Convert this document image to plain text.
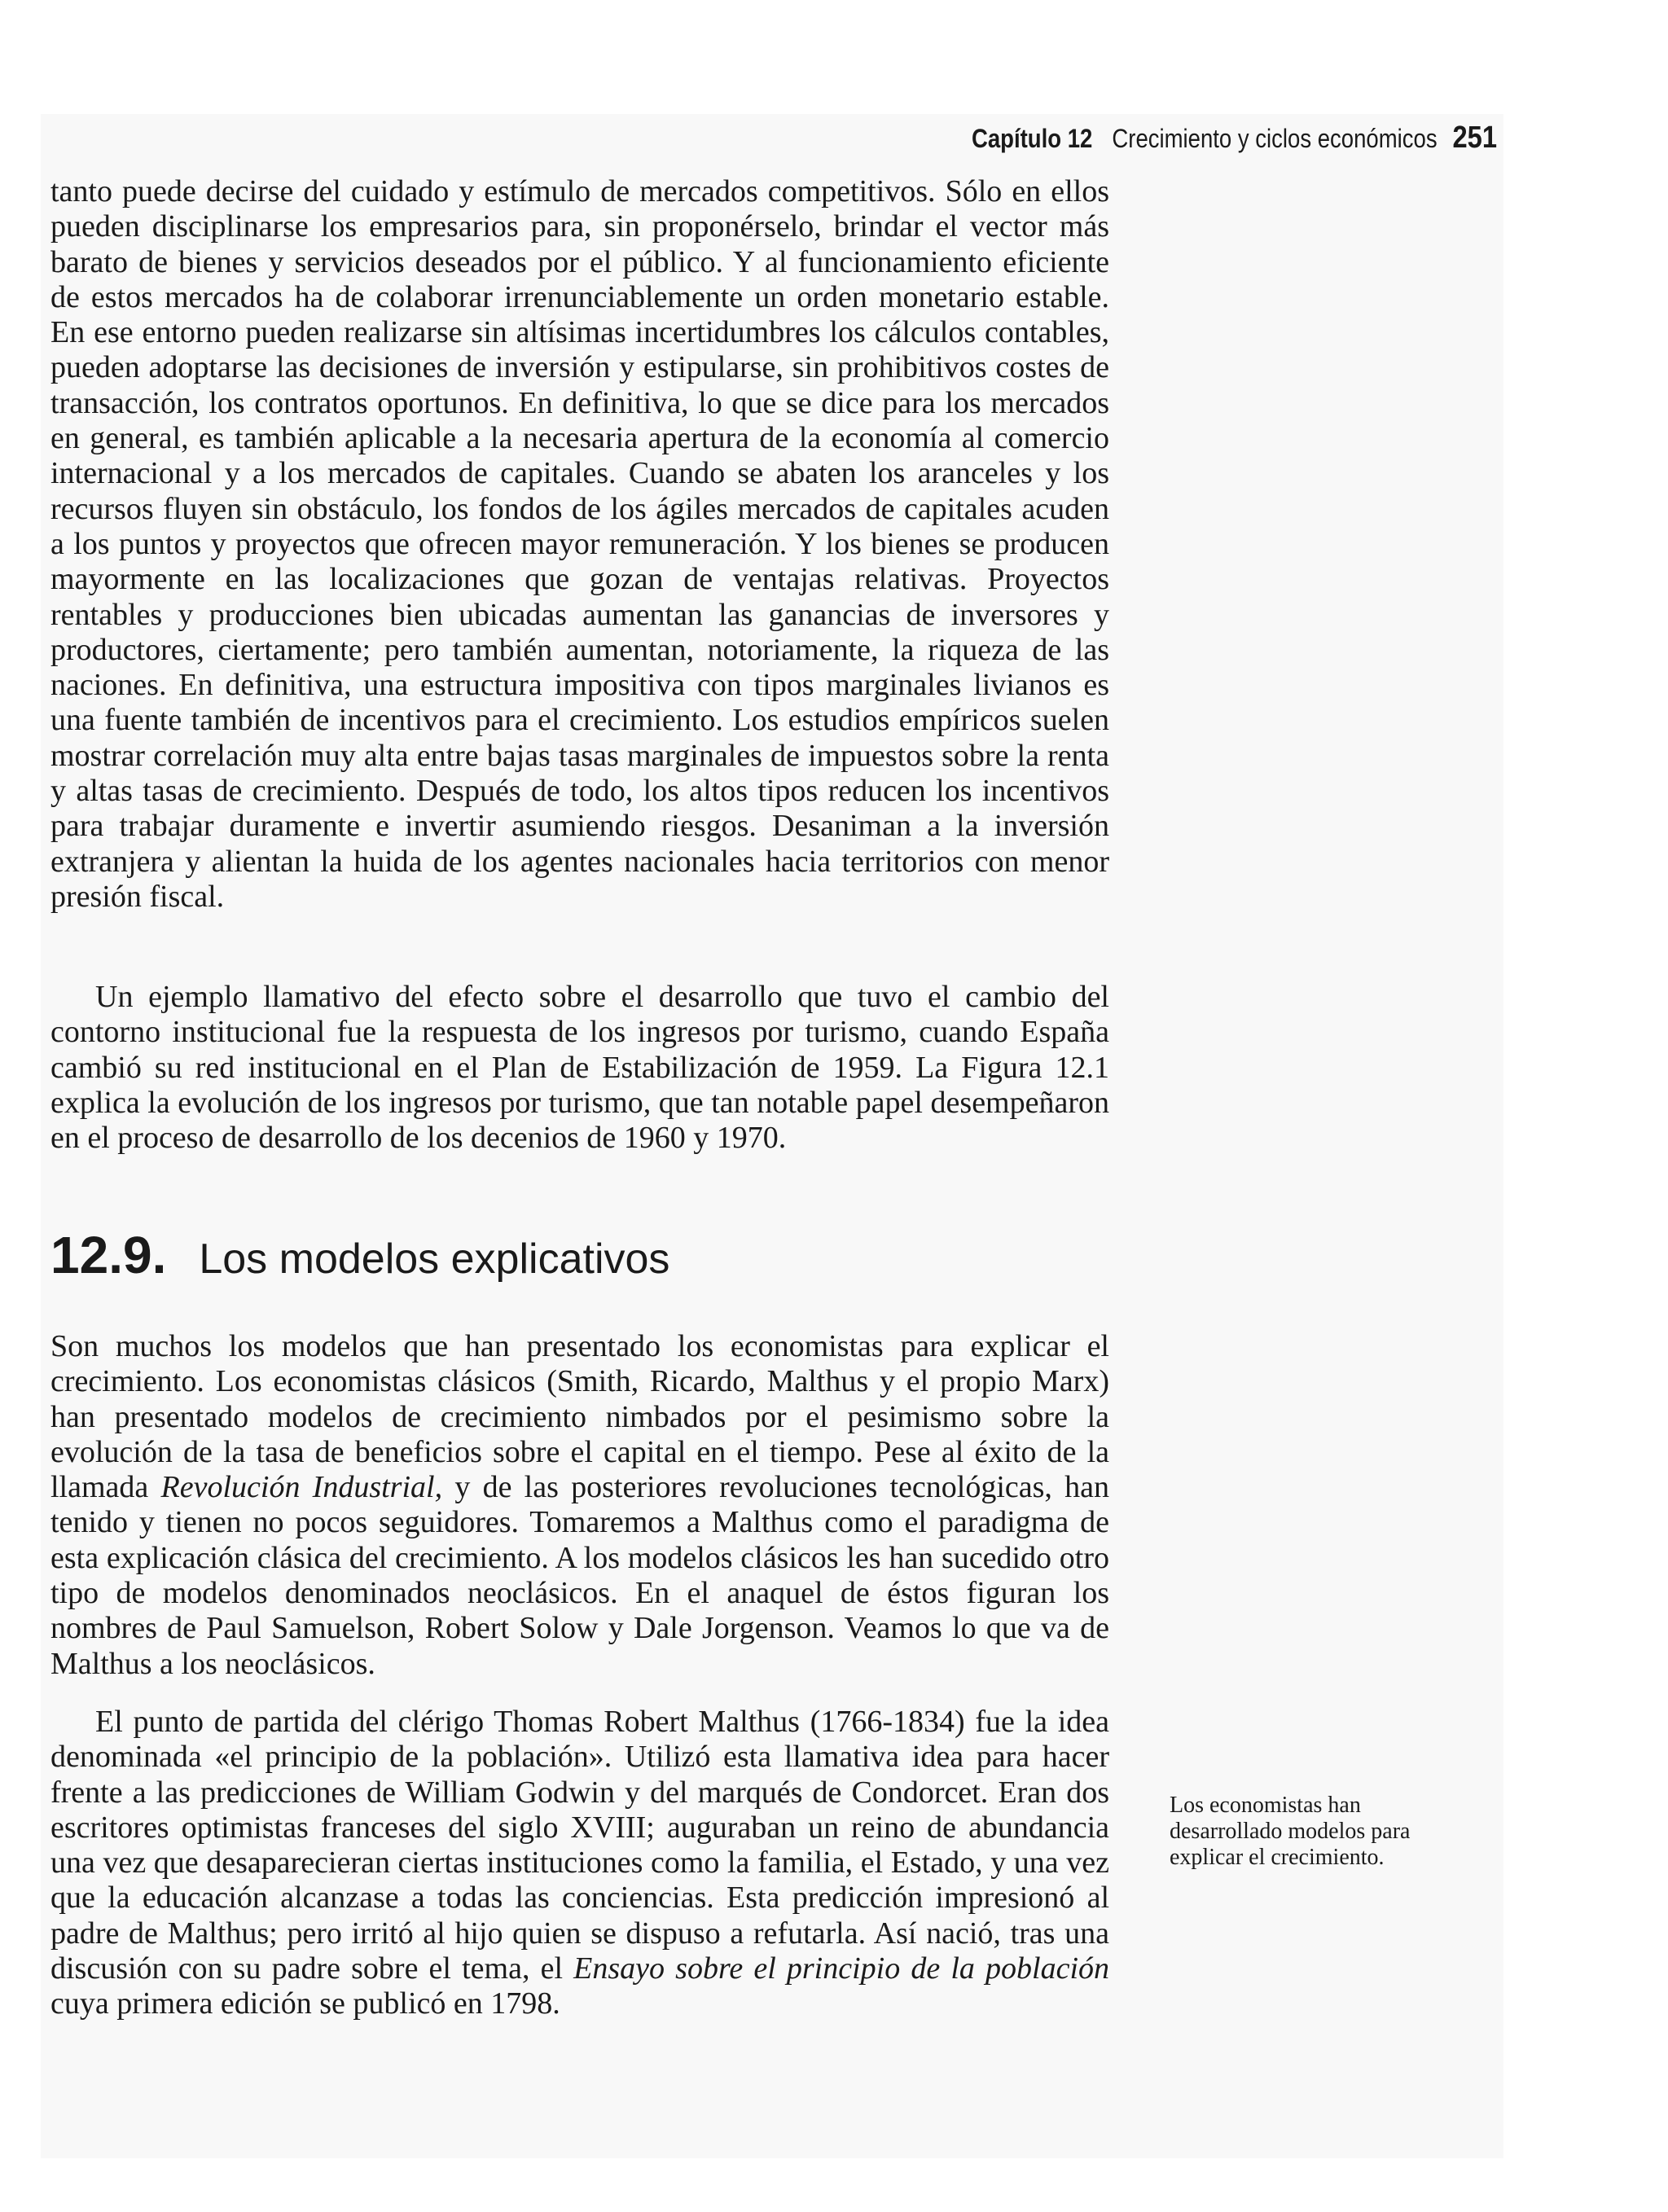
Capítulo 12 Crecimiento y ciclos económicos 251

tanto puede decirse del cuidado y estímulo de mercados competitivos. Sólo en ellos pueden disciplinarse los empresarios para, sin proponérselo, brindar el vector más barato de bienes y servicios deseados por el público. Y al funcionamiento eficiente de estos mercados ha de colaborar irrenunciablemente un orden monetario estable. En ese entorno pueden realizarse sin altísimas incertidumbres los cálculos contables, pueden adoptarse las decisiones de inversión y estipularse, sin prohibitivos costes de transacción, los contratos oportunos. En definitiva, lo que se dice para los mercados en general, es también aplicable a la necesaria apertura de la economía al comercio internacional y a los mercados de capitales. Cuando se abaten los aranceles y los recursos fluyen sin obstáculo, los fondos de los ágiles mercados de capitales acuden a los puntos y proyectos que ofrecen mayor remuneración. Y los bienes se producen mayormente en las localizaciones que gozan de ventajas relativas. Proyectos rentables y producciones bien ubicadas aumentan las ganancias de inversores y productores, ciertamente; pero también aumentan, notoriamente, la riqueza de las naciones. En definitiva, una estructura impositiva con tipos marginales livianos es una fuente también de incentivos para el crecimiento. Los estudios empíricos suelen mostrar correlación muy alta entre bajas tasas marginales de impuestos sobre la renta y altas tasas de crecimiento. Después de todo, los altos tipos reducen los incentivos para trabajar duramente e invertir asumiendo riesgos. Desaniman a la inversión extranjera y alientan la huida de los agentes nacionales hacia territorios con menor presión fiscal.

Un ejemplo llamativo del efecto sobre el desarrollo que tuvo el cambio del contorno institucional fue la respuesta de los ingresos por turismo, cuando España cambió su red institucional en el Plan de Estabilización de 1959. La Figura 12.1 explica la evolución de los ingresos por turismo, que tan notable papel desempeñaron en el proceso de desarrollo de los decenios de 1960 y 1970.

12.9. Los modelos explicativos

Son muchos los modelos que han presentado los economistas para explicar el crecimiento. Los economistas clásicos (Smith, Ricardo, Malthus y el propio Marx) han presentado modelos de crecimiento nimbados por el pesimismo sobre la evolución de la tasa de beneficios sobre el capital en el tiempo. Pese al éxito de la llamada Revolución Industrial, y de las posteriores revoluciones tecnológicas, han tenido y tienen no pocos seguidores. Tomaremos a Malthus como el paradigma de esta explicación clásica del crecimiento. A los modelos clásicos les han sucedido otro tipo de modelos denominados neoclásicos. En el anaquel de éstos figuran los nombres de Paul Samuelson, Robert Solow y Dale Jorgenson. Veamos lo que va de Malthus a los neoclásicos.

El punto de partida del clérigo Thomas Robert Malthus (1766-1834) fue la idea denominada «el principio de la población». Utilizó esta llamativa idea para hacer frente a las predicciones de William Godwin y del marqués de Condorcet. Eran dos escritores optimistas franceses del siglo XVIII; auguraban un reino de abundancia una vez que desaparecieran ciertas instituciones como la familia, el Estado, y una vez que la educación alcanzase a todas las conciencias. Esta predicción impresionó al padre de Malthus; pero irritó al hijo quien se dispuso a refutarla. Así nació, tras una discusión con su padre sobre el tema, el Ensayo sobre el principio de la población cuya primera edición se publicó en 1798.

Los economistas han desarrollado modelos para explicar el crecimiento.
